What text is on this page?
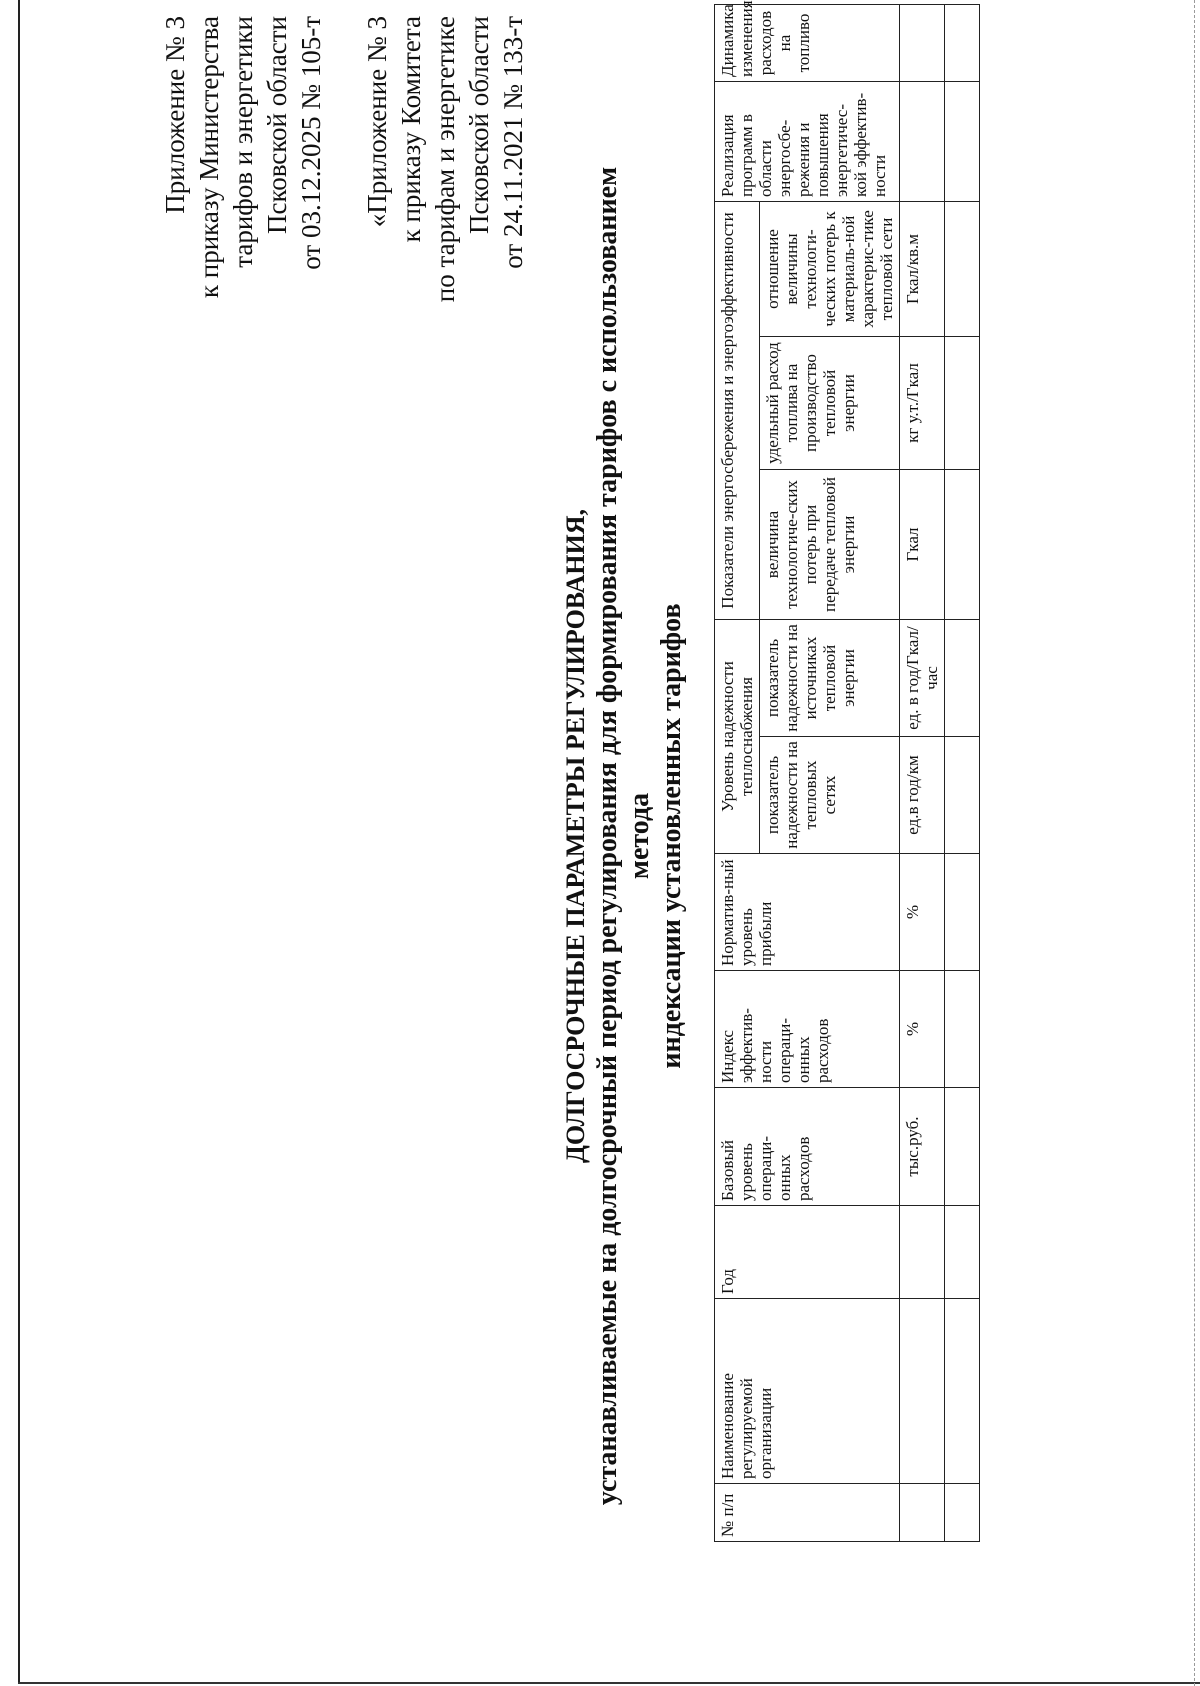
Приложение № 3 к приказу Министерства тарифов и энергетики Псковской области от 03.12.2025 № 105-т «Приложение № 3 к приказу Комитета по тарифам и энергетике Псковской области от 24.11.2021 № 133-т
ДОЛГОСРОЧНЫЕ ПАРАМЕТРЫ РЕГУЛИРОВАНИЯ, устанавливаемые на долгосрочный период регулирования для формирования тарифов с использованием метода индексации установленных тарифов
№ п/п	Наименование регулируемой организации	Год	Базовый уровень операци-онных расходов	Индекс эффектив-ности операци-онных расходов	Норматив-ный уровень прибыли	Уровень надежности теплоснабжения		Показатели энергосбережения и энергоэффективности			Реализация программ в области энергосбе-режения и повышения энергетичес-кой эффектив-ности	Динамика изменения расходов на топливо
						показатель надежности на тепловых сетях	показатель надежности на источниках тепловой энергии	величина технологиче-ских потерь при передаче тепловой энергии	удельный расход топлива на производство тепловой энергии	отношение величины технологи-ческих потерь к материаль-ной характерис-тике тепловой сети		
			тыс.руб.	%	%	ед.в год/км	ед. в год/Гкал/час	Гкал	кг у.т./Гкал	Гкал/кв.м		
